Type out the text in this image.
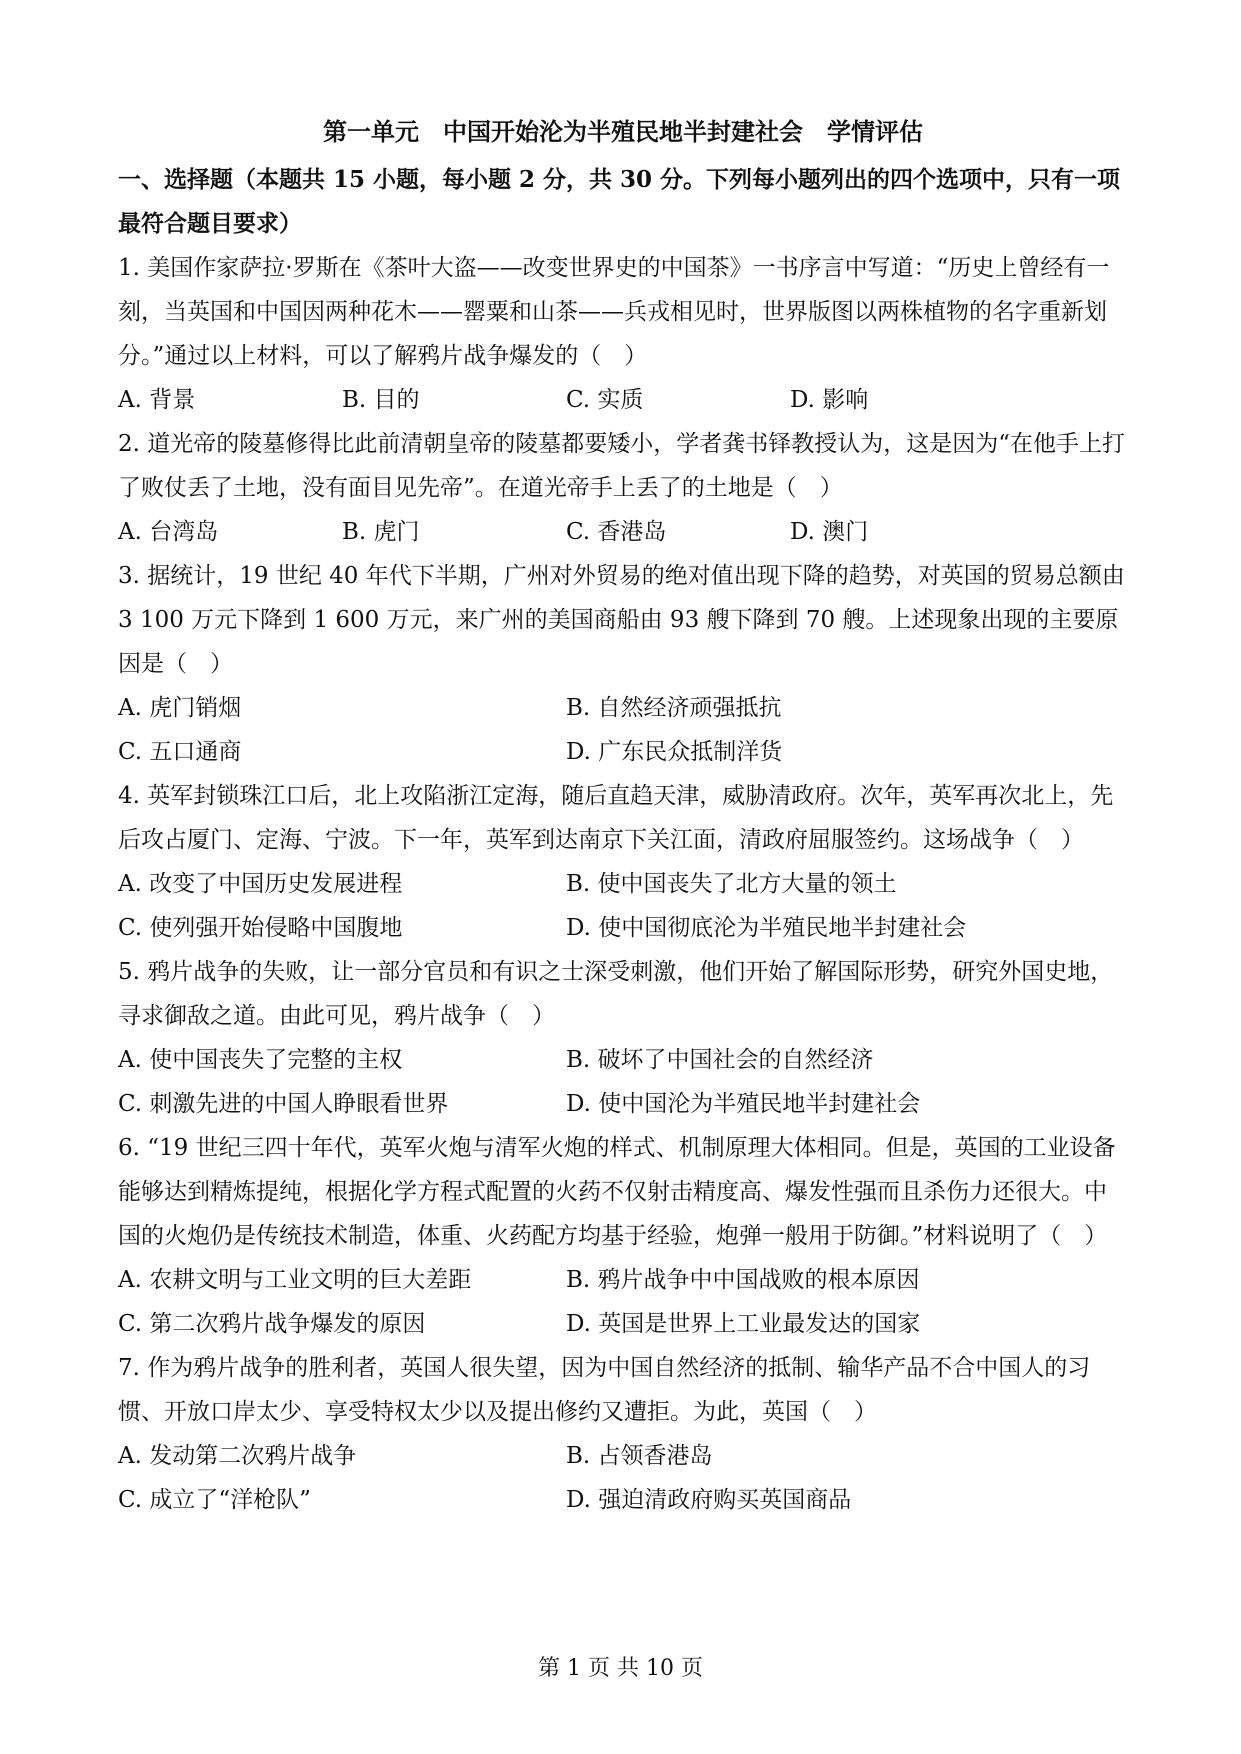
第一单元　中国开始沦为半殖民地半封建社会　学情评估

一、选择题（本题共 15 小题，每小题 2 分，共 30 分。下列每小题列出的四个选项中，只有一项最符合题目要求）

1. 美国作家萨拉·罗斯在《茶叶大盗——改变世界史的中国茶》一书序言中写道：“历史上曾经有一刻，当英国和中国因两种花木——罂粟和山茶——兵戎相见时，世界版图以两株植物的名字重新划分。”通过以上材料，可以了解鸦片战争爆发的（　）

A. 背景	B. 目的	C. 实质	D. 影响

2. 道光帝的陵墓修得比此前清朝皇帝的陵墓都要矮小，学者龚书铎教授认为，这是因为“在他手上打了败仗丢了土地，没有面目见先帝”。在道光帝手上丢了的土地是（　）

A. 台湾岛	B. 虎门	C. 香港岛	D. 澳门

3. 据统计，19 世纪 40 年代下半期，广州对外贸易的绝对值出现下降的趋势，对英国的贸易总额由 3 100 万元下降到 1 600 万元，来广州的美国商船由 93 艘下降到 70 艘。上述现象出现的主要原因是（　）

A. 虎门销烟	B. 自然经济顽强抵抗
C. 五口通商	D. 广东民众抵制洋货

4. 英军封锁珠江口后，北上攻陷浙江定海，随后直趋天津，威胁清政府。次年，英军再次北上，先后攻占厦门、定海、宁波。下一年，英军到达南京下关江面，清政府屈服签约。这场战争（　）

A. 改变了中国历史发展进程	B. 使中国丧失了北方大量的领土
C. 使列强开始侵略中国腹地	D. 使中国彻底沦为半殖民地半封建社会

5. 鸦片战争的失败，让一部分官员和有识之士深受刺激，他们开始了解国际形势，研究外国史地，寻求御敌之道。由此可见，鸦片战争（　）

A. 使中国丧失了完整的主权	B. 破坏了中国社会的自然经济
C. 刺激先进的中国人睁眼看世界	D. 使中国沦为半殖民地半封建社会

6. “19 世纪三四十年代，英军火炮与清军火炮的样式、机制原理大体相同。但是，英国的工业设备能够达到精炼提纯，根据化学方程式配置的火药不仅射击精度高、爆发性强而且杀伤力还很大。中国的火炮仍是传统技术制造，体重、火药配方均基于经验，炮弹一般用于防御。”材料说明了（　）

A. 农耕文明与工业文明的巨大差距	B. 鸦片战争中中国战败的根本原因
C. 第二次鸦片战争爆发的原因	D. 英国是世界上工业最发达的国家

7. 作为鸦片战争的胜利者，英国人很失望，因为中国自然经济的抵制、输华产品不合中国人的习惯、开放口岸太少、享受特权太少以及提出修约又遭拒。为此，英国（　）

A. 发动第二次鸦片战争	B. 占领香港岛
C. 成立了“洋枪队”	D. 强迫清政府购买英国商品
第 1 页 共 10 页
